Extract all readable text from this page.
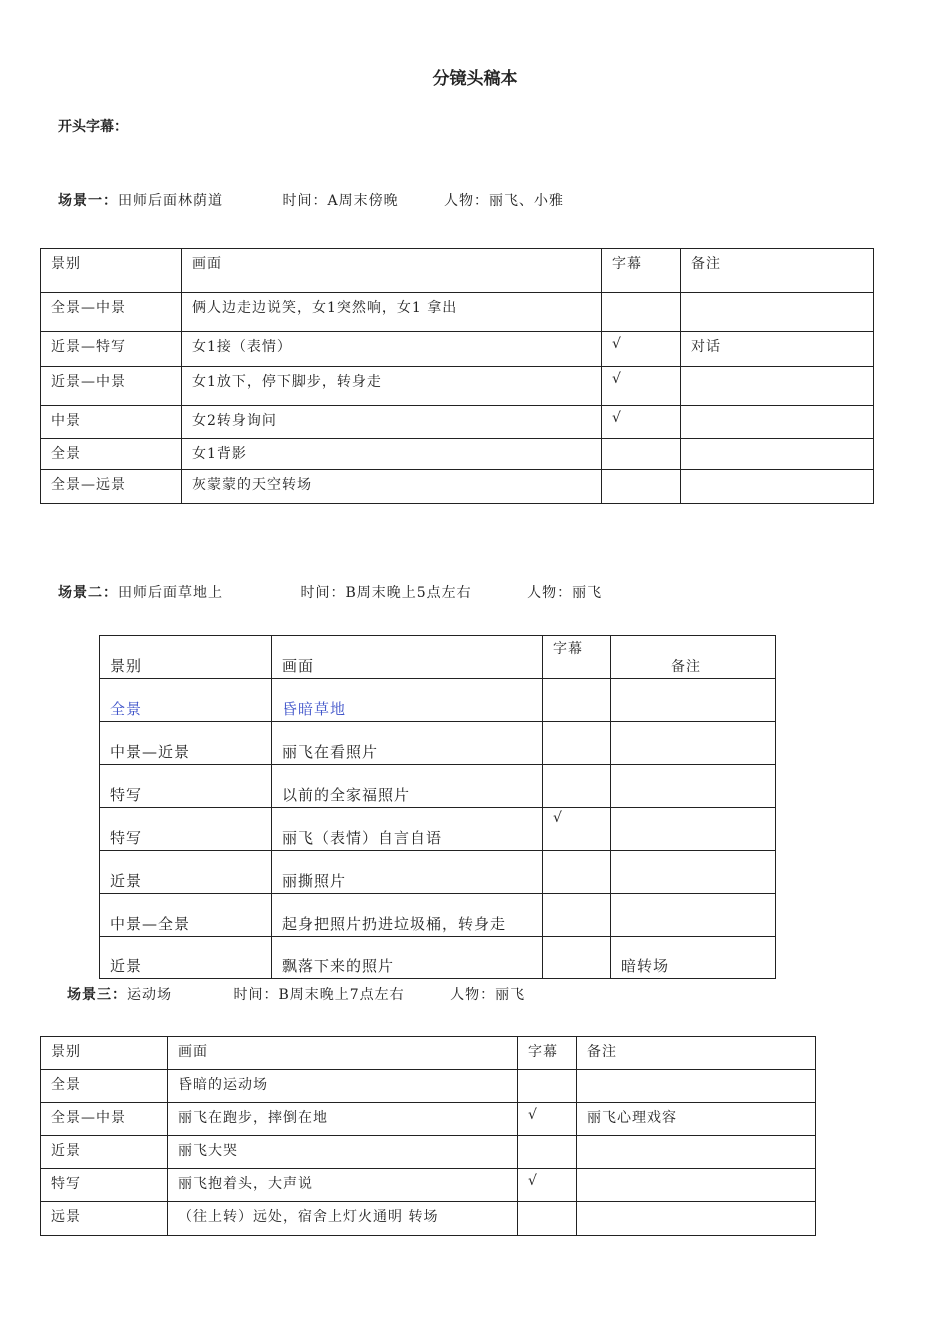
分镜头稿本
开头字幕：
场景一：田师后面林荫道	时间：A周末傍晚	人物：丽飞、小雅
景别	画面	字幕	备注
全景—中景	俩人边走边说笑，女1突然响，女1 拿出		
近景—特写	女1接（表情）	√	对话
近景—中景	女1放下，停下脚步，转身走	√	
中景	女2转身询问	√	
全景	女1背影		
全景—远景	灰蒙蒙的天空转场		
场景二：田师后面草地上	时间：B周末晚上5点左右	人物：丽飞
景别	画面	字幕	备注
全景	昏暗草地		
中景—近景	丽飞在看照片		
特写	以前的全家福照片		
特写	丽飞（表情）自言自语	√	
近景	丽撕照片		
中景—全景	起身把照片扔进垃圾桶，转身走		
近景	飘落下来的照片		暗转场
场景三：运动场	时间：B周末晚上7点左右	人物：丽飞
景别	画面	字幕	备注
全景	昏暗的运动场		
全景—中景	丽飞在跑步，摔倒在地	√	丽飞心理戏容
近景	丽飞大哭		
特写	丽飞抱着头，大声说	√	
远景	（往上转）远处，宿舍上灯火通明 转场		
